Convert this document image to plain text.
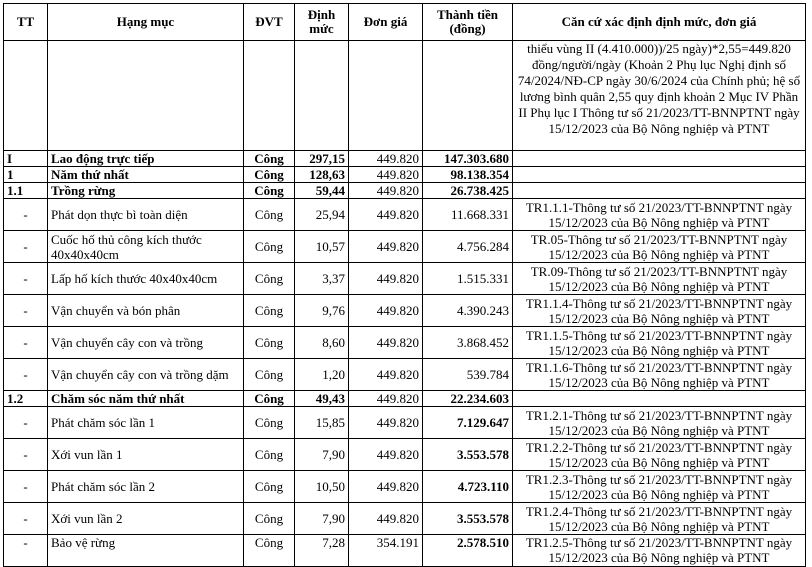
TT	Hạng mục	ĐVT	Định mức	Đơn giá	Thành tiền (đồng)	Căn cứ xác định định mức, đơn giá
						thiểu vùng II (4.410.000))/25 ngày)*2,55=449.820 đồng/người/ngày (Khoản 2 Phụ lục Nghị định số 74/2024/NĐ-CP ngày 30/6/2024 của Chính phủ; hệ số lương bình quân 2,55 quy định khoản 2 Mục IV Phần II Phụ lục I Thông tư số 21/2023/TT-BNNPTNT ngày 15/12/2023 của Bộ Nông nghiệp và PTNT
I	Lao động trực tiếp	Công	297,15	449.820	147.303.680	
1	Năm thứ nhất	Công	128,63	449.820	98.138.354	
1.1	Trồng rừng	Công	59,44	449.820	26.738.425	
-	Phát dọn thực bì toàn diện	Công	25,94	449.820	11.668.331	TR1.1.1-Thông tư số 21/2023/TT-BNNPTNT ngày 15/12/2023 của Bộ Nông nghiệp và PTNT
-	Cuốc hố thủ công kích thước 40x40x40cm	Công	10,57	449.820	4.756.284	TR.05-Thông tư số 21/2023/TT-BNNPTNT ngày 15/12/2023 của Bộ Nông nghiệp và PTNT
-	Lấp hố kích thước 40x40x40cm	Công	3,37	449.820	1.515.331	TR.09-Thông tư số 21/2023/TT-BNNPTNT ngày 15/12/2023 của Bộ Nông nghiệp và PTNT
-	Vận chuyển và bón phân	Công	9,76	449.820	4.390.243	TR1.1.4-Thông tư số 21/2023/TT-BNNPTNT ngày 15/12/2023 của Bộ Nông nghiệp và PTNT
-	Vận chuyển cây con và trồng	Công	8,60	449.820	3.868.452	TR1.1.5-Thông tư số 21/2023/TT-BNNPTNT ngày 15/12/2023 của Bộ Nông nghiệp và PTNT
-	Vận chuyển cây con và trồng dặm	Công	1,20	449.820	539.784	TR1.1.6-Thông tư số 21/2023/TT-BNNPTNT ngày 15/12/2023 của Bộ Nông nghiệp và PTNT
1.2	Chăm sóc năm thứ nhất	Công	49,43	449.820	22.234.603	
-	Phát chăm sóc lần 1	Công	15,85	449.820	7.129.647	TR1.2.1-Thông tư số 21/2023/TT-BNNPTNT ngày 15/12/2023 của Bộ Nông nghiệp và PTNT
-	Xới vun lần 1	Công	7,90	449.820	3.553.578	TR1.2.2-Thông tư số 21/2023/TT-BNNPTNT ngày 15/12/2023 của Bộ Nông nghiệp và PTNT
-	Phát chăm sóc lần 2	Công	10,50	449.820	4.723.110	TR1.2.3-Thông tư số 21/2023/TT-BNNPTNT ngày 15/12/2023 của Bộ Nông nghiệp và PTNT
-	Xới vun lần 2	Công	7,90	449.820	3.553.578	TR1.2.4-Thông tư số 21/2023/TT-BNNPTNT ngày 15/12/2023 của Bộ Nông nghiệp và PTNT
-	Bảo vệ rừng	Công	7,28	354.191	2.578.510	TR1.2.5-Thông tư số 21/2023/TT-BNNPTNT ngày 15/12/2023 của Bộ Nông nghiệp và PTNT
